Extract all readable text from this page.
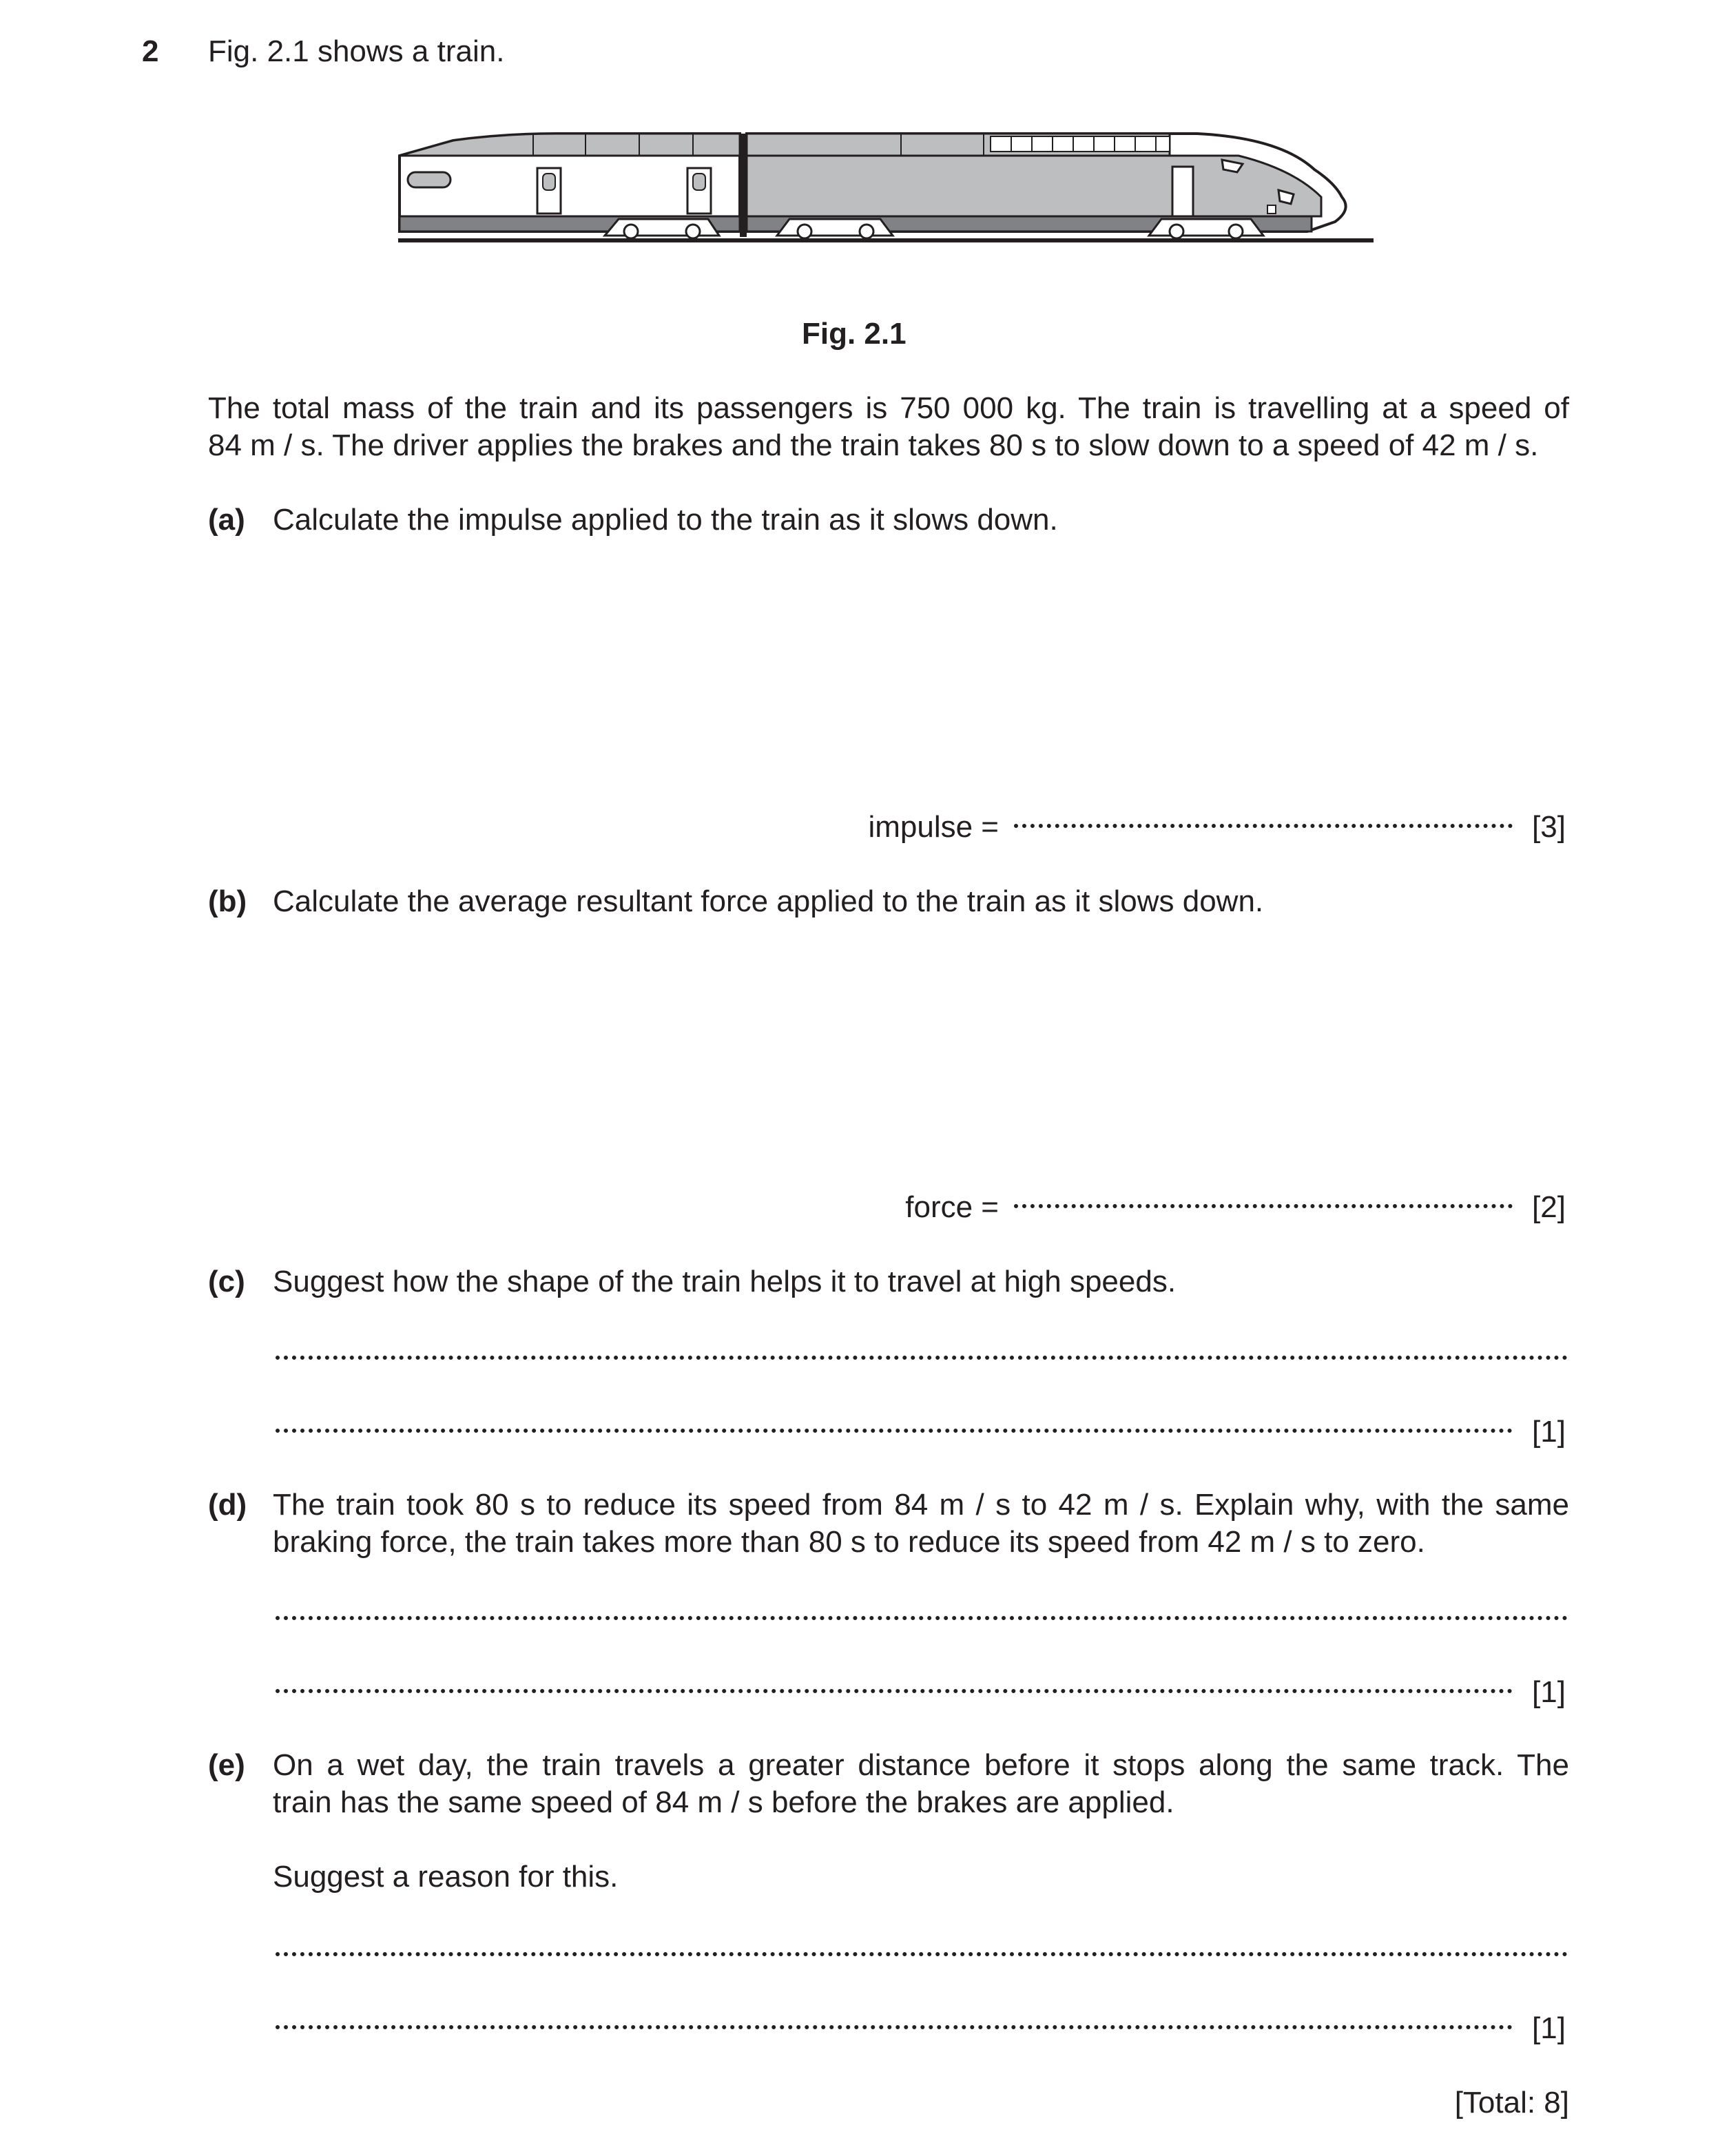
2 Fig. 2.1 shows a train.
Fig. 2.1
The total mass of the train and its passengers is 750 000 kg. The train is travelling at a speed of
84 m / s. The driver applies the brakes and the train takes 80 s to slow down to a speed of 42 m / s.
(a) Calculate the impulse applied to the train as it slows down.
impulse =	[3]
(b) Calculate the average resultant force applied to the train as it slows down.
force =	[2]
(c) Suggest how the shape of the train helps it to travel at high speeds.
[1]
(d) The train took 80 s to reduce its speed from 84 m / s to 42 m / s. Explain why, with the same
braking force, the train takes more than 80 s to reduce its speed from 42 m / s to zero.
[1]
(e) On a wet day, the train travels a greater distance before it stops along the same track. The
train has the same speed of 84 m / s before the brakes are applied.
Suggest a reason for this.
[1]
[Total: 8]
